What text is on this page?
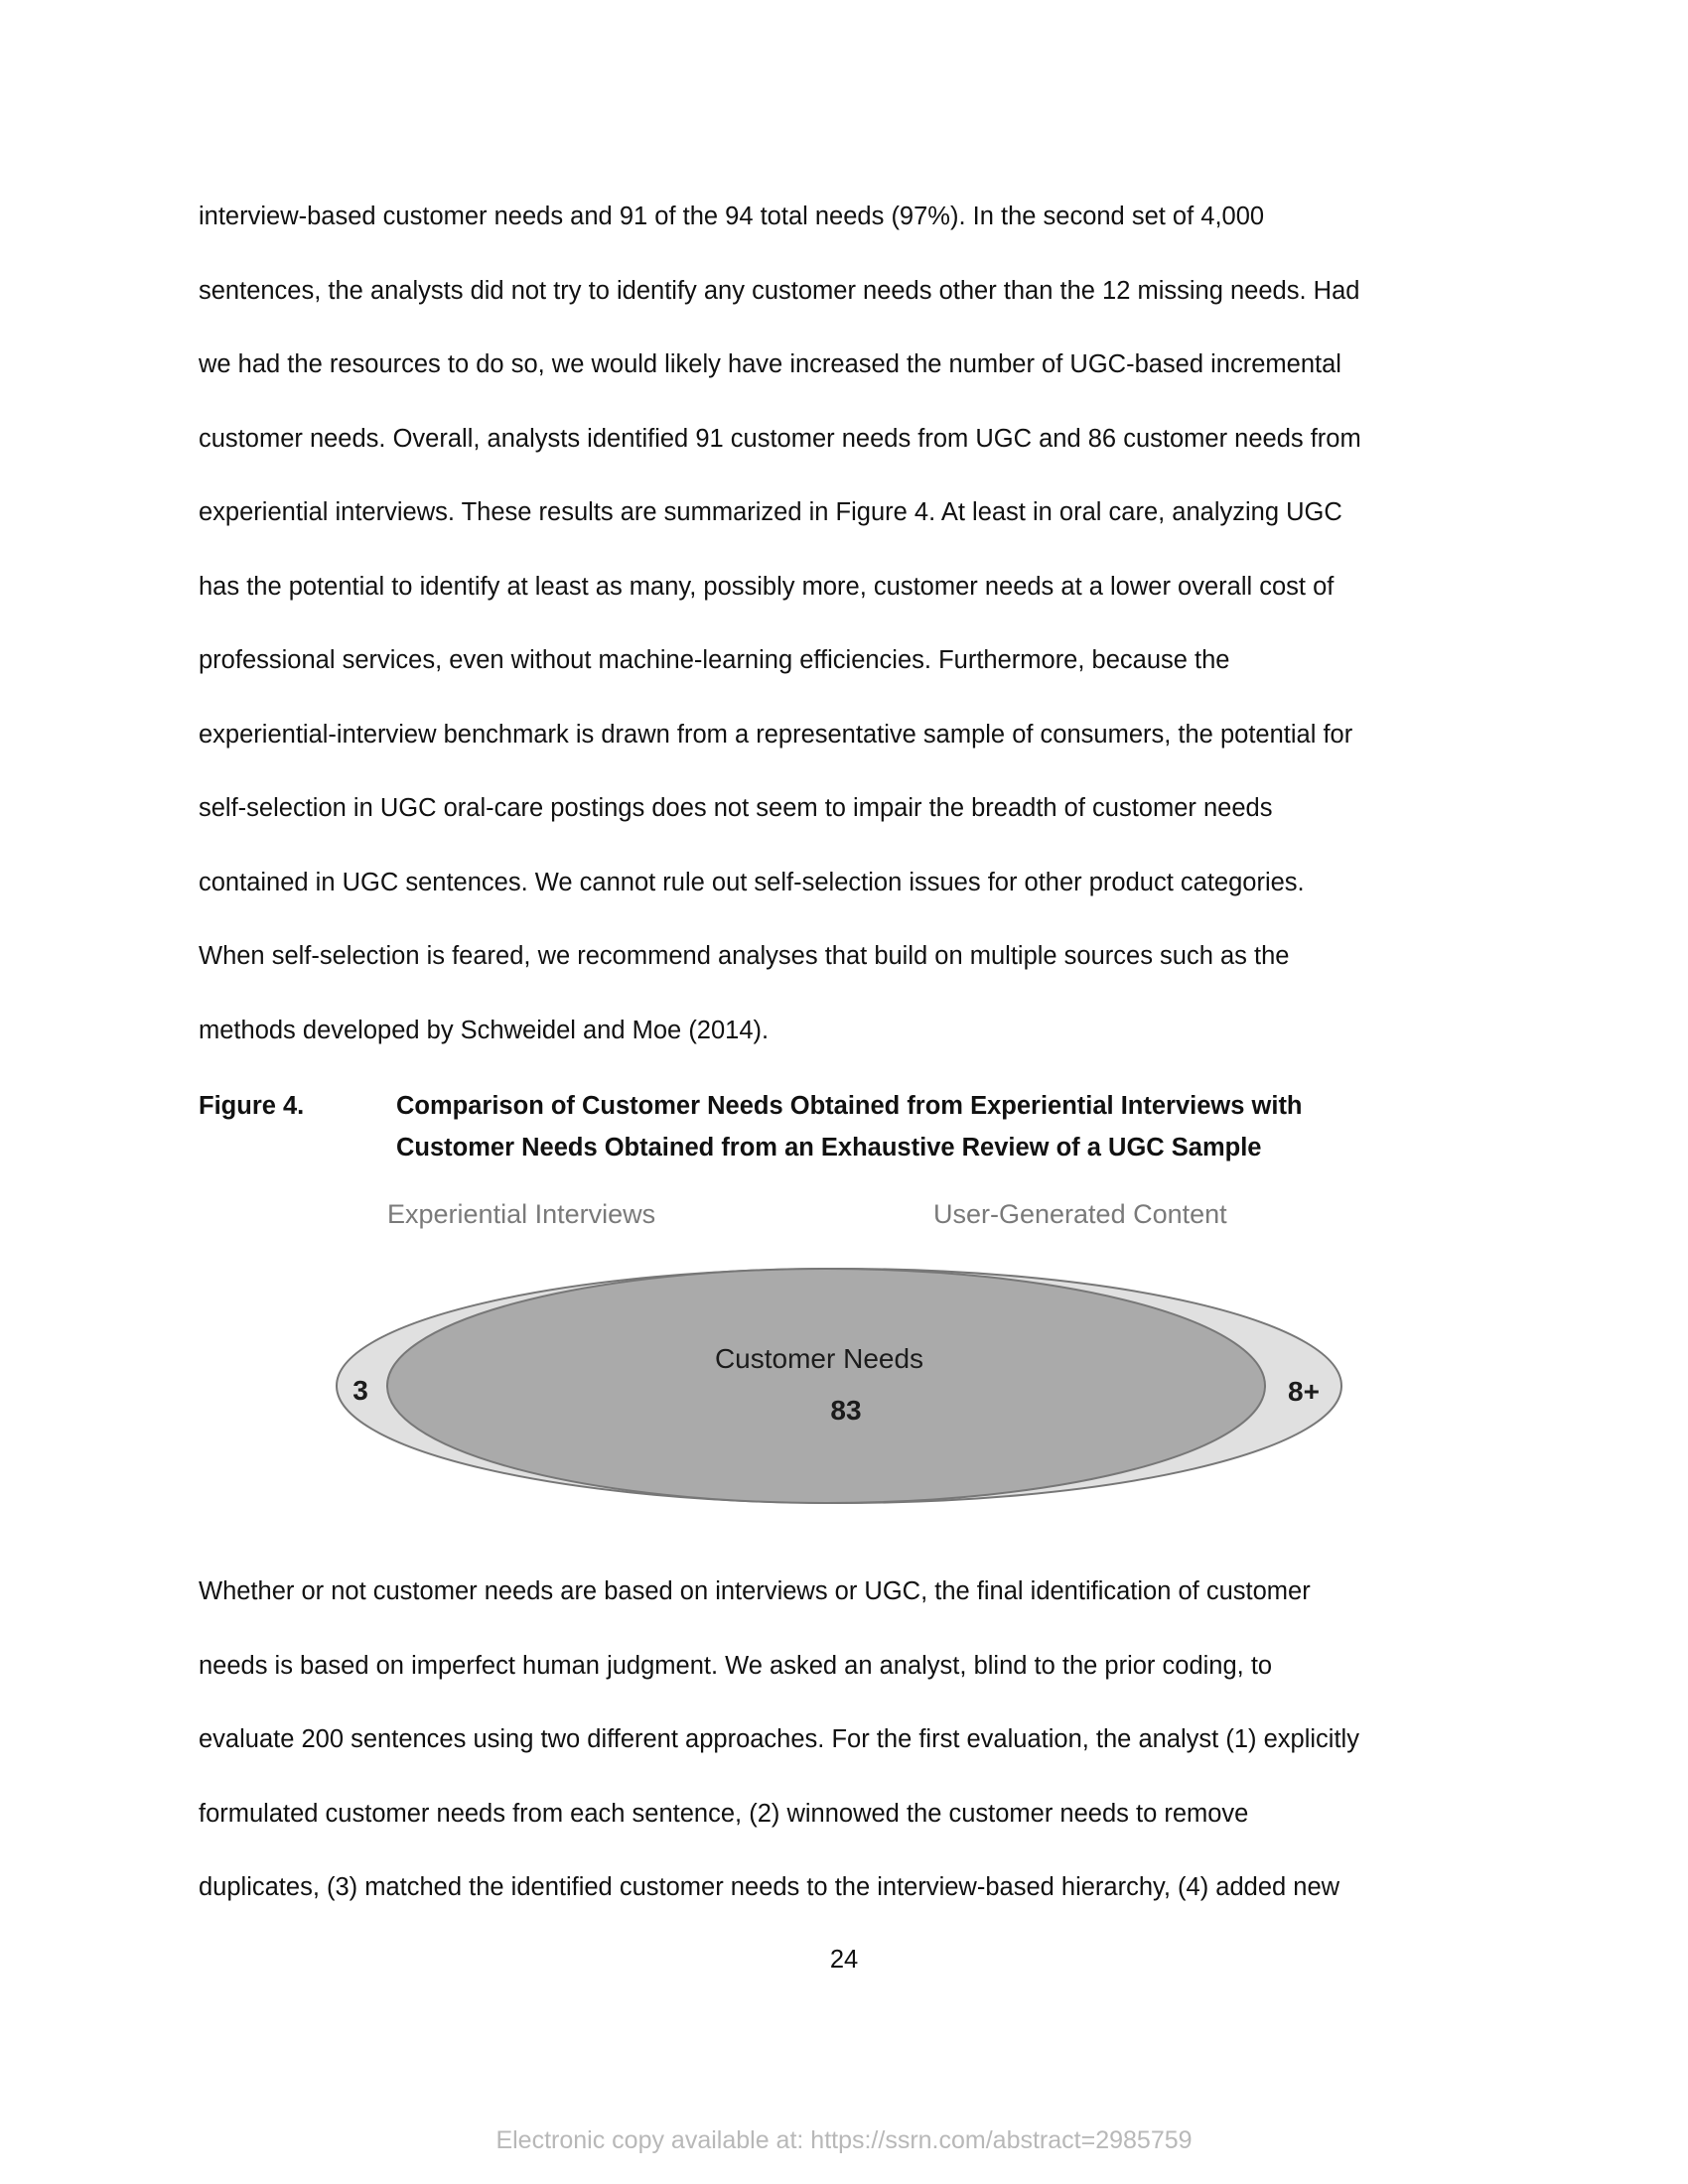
interview-based customer needs and 91 of the 94 total needs (97%). In the second set of 4,000
sentences, the analysts did not try to identify any customer needs other than the 12 missing needs. Had
we had the resources to do so, we would likely have increased the number of UGC-based incremental
customer needs. Overall, analysts identified 91 customer needs from UGC and 86 customer needs from
experiential interviews. These results are summarized in Figure 4. At least in oral care, analyzing UGC
has the potential to identify at least as many, possibly more, customer needs at a lower overall cost of
professional services, even without machine-learning efficiencies. Furthermore, because the
experiential-interview benchmark is drawn from a representative sample of consumers, the potential for
self-selection in UGC oral-care postings does not seem to impair the breadth of customer needs
contained in UGC sentences. We cannot rule out self-selection issues for other product categories.
When self-selection is feared, we recommend analyses that build on multiple sources such as the
methods developed by Schweidel and Moe (2014).
Figure 4.	Comparison of Customer Needs Obtained from Experiential Interviews with
Customer Needs Obtained from an Exhaustive Review of a UGC Sample
Experiential Interviews	User-Generated Content
Customer Needs
83
3	8+
Whether or not customer needs are based on interviews or UGC, the final identification of customer
needs is based on imperfect human judgment. We asked an analyst, blind to the prior coding, to
evaluate 200 sentences using two different approaches. For the first evaluation, the analyst (1) explicitly
formulated customer needs from each sentence, (2) winnowed the customer needs to remove
duplicates, (3) matched the identified customer needs to the interview-based hierarchy, (4) added new
24
Electronic copy available at: https://ssrn.com/abstract=2985759
